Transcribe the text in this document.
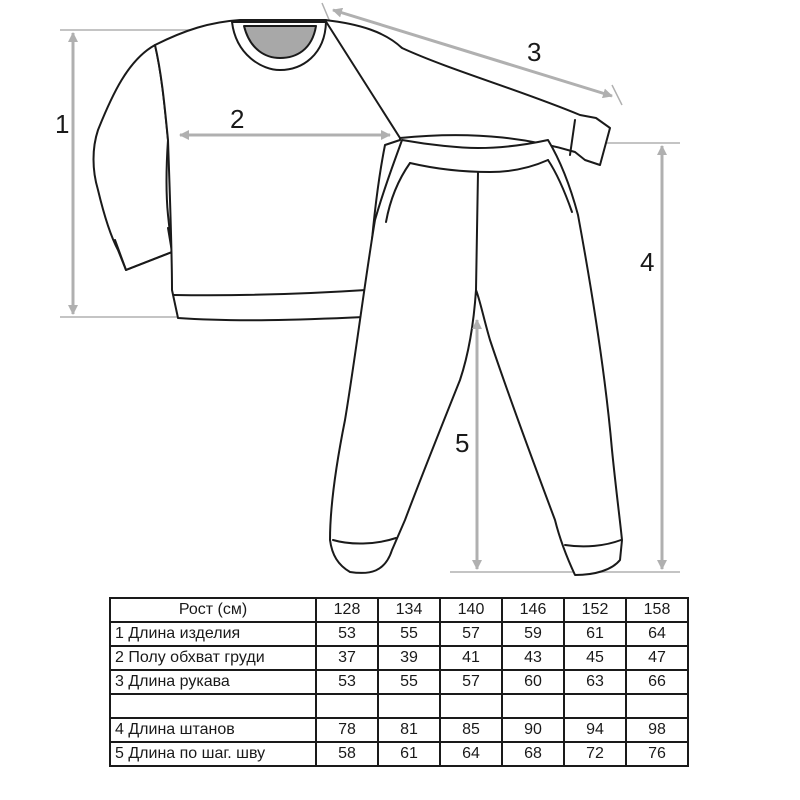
1	2
3
4
5
Рост (см)	128	134	140	146	152	158
1 Длина изделия	53	55	57	59	61	64
2 Полу обхват груди	37	39	41	43	45	47
3 Длина рукава	53	55	57	60	63	66

4 Длина штанов	78	81	85	90	94	98
5 Длина по шаг. шву	58	61	64	68	72	76
